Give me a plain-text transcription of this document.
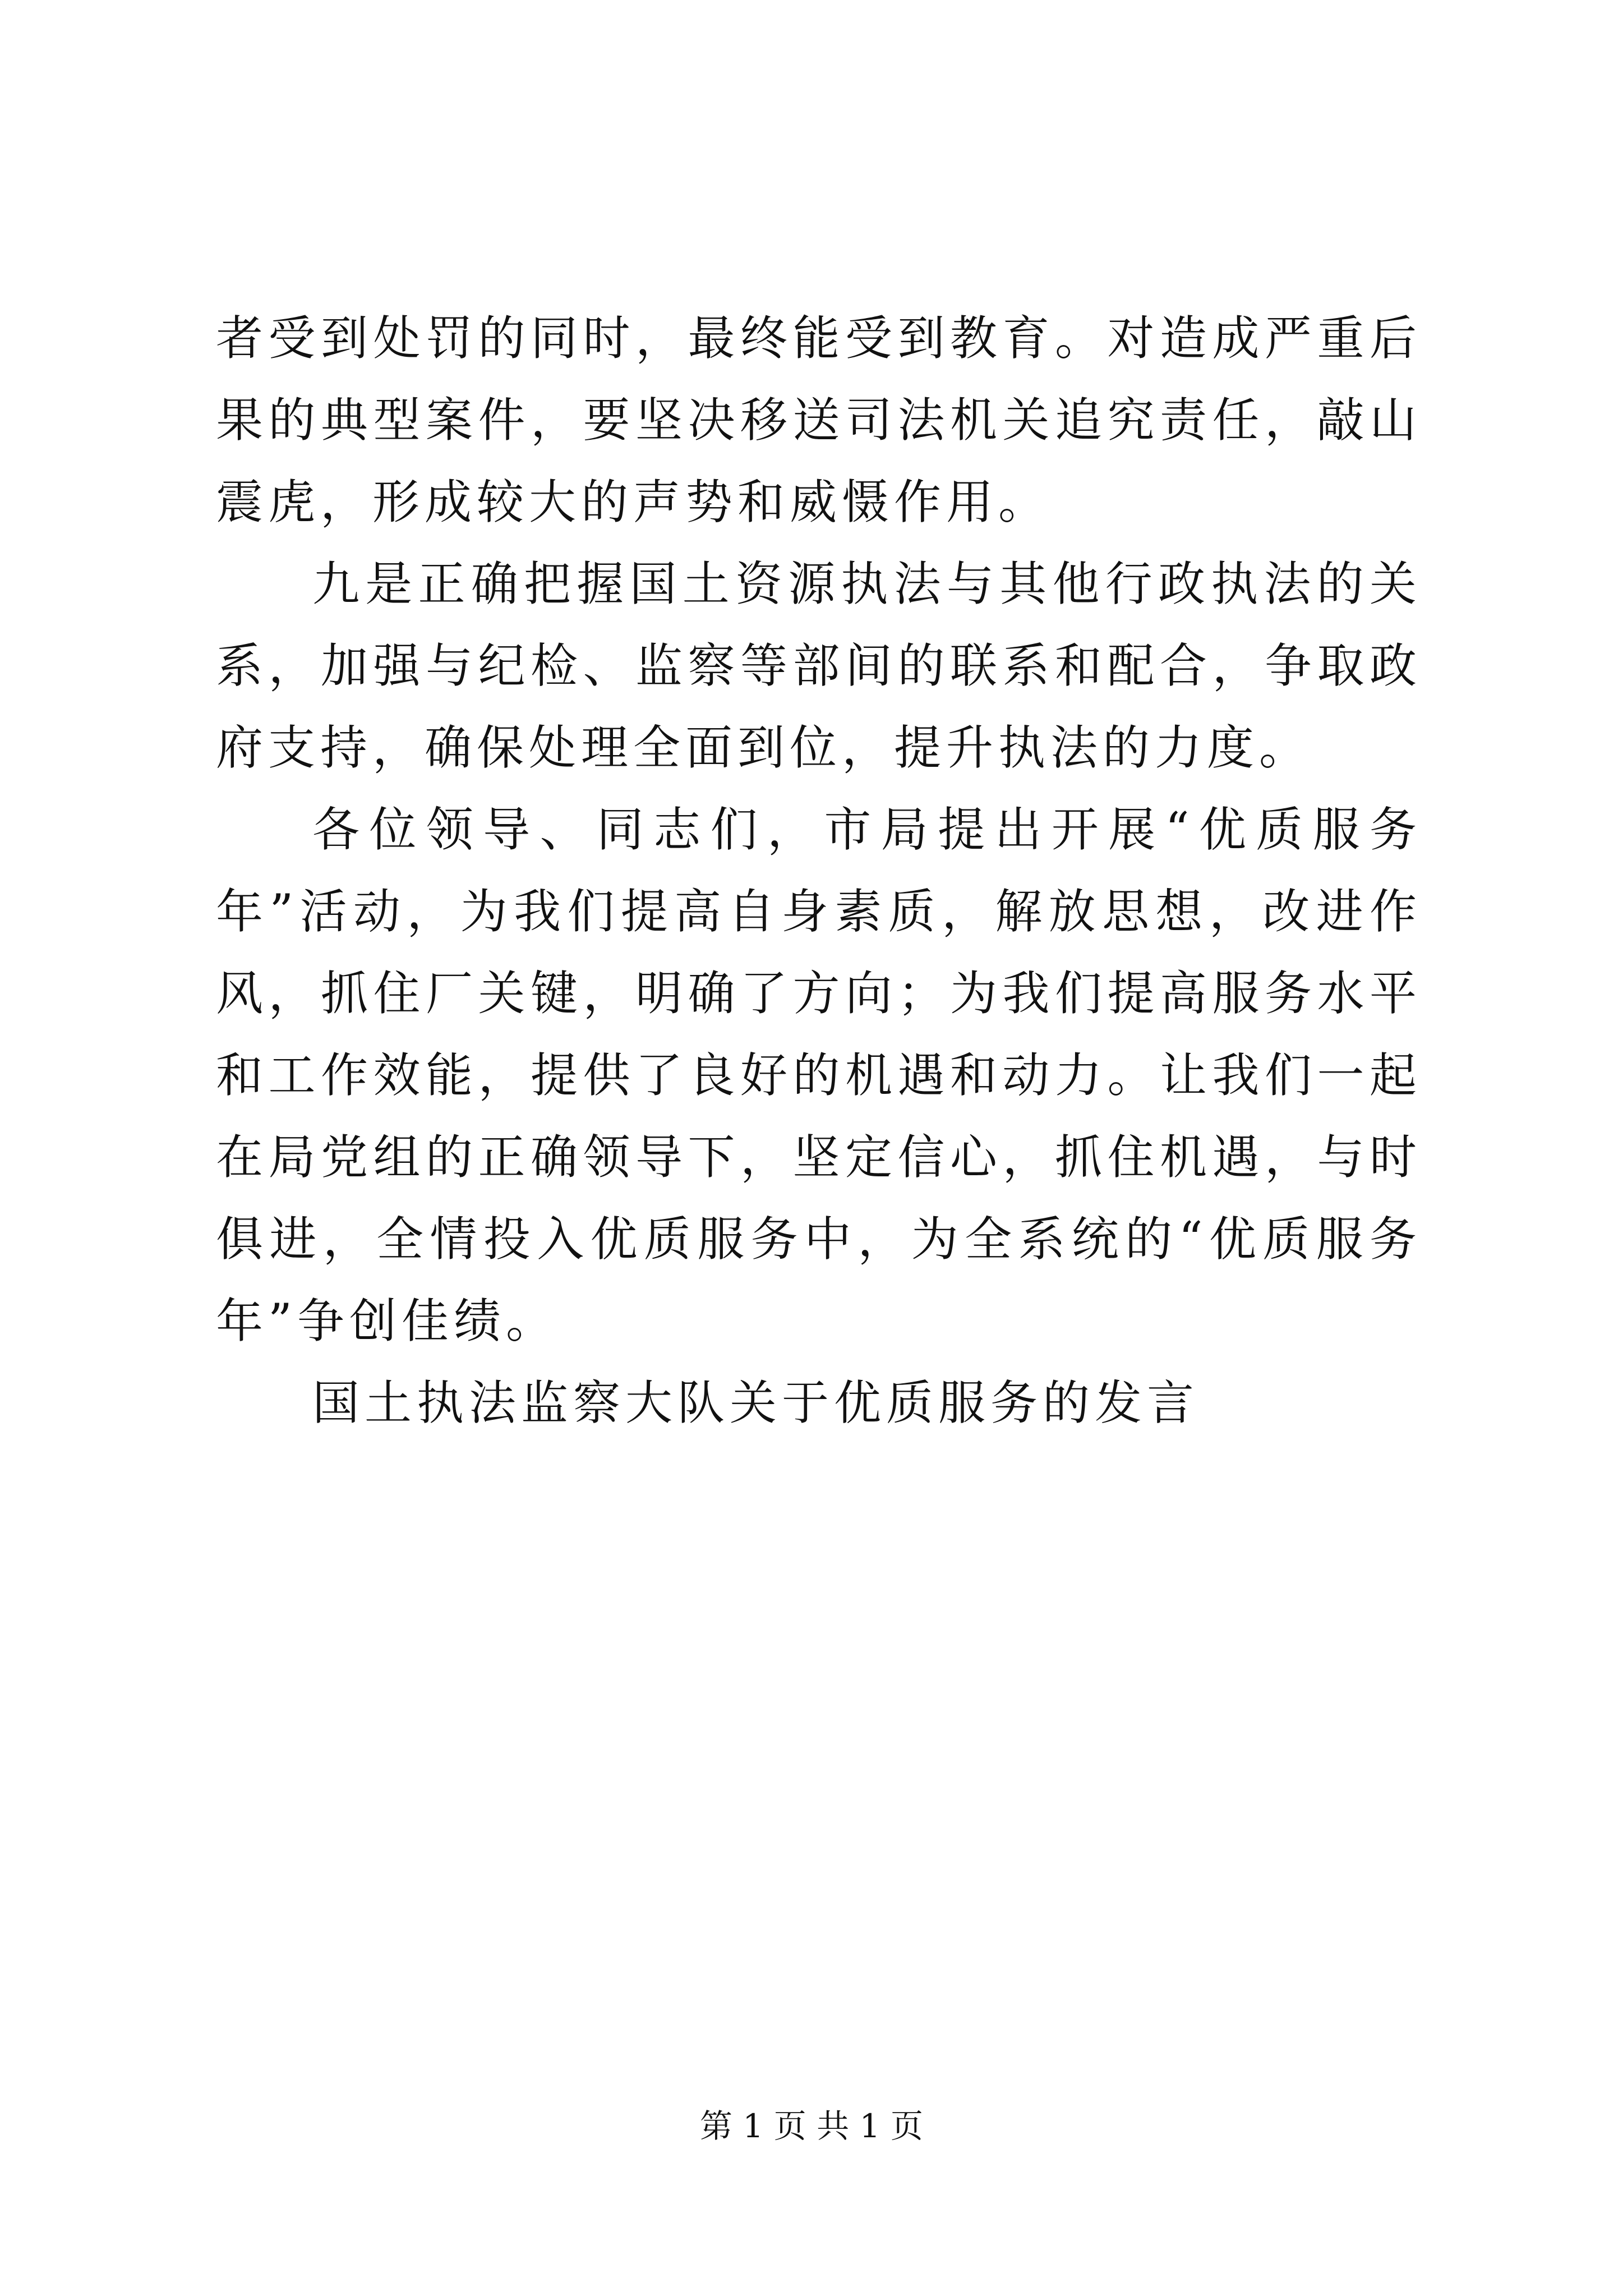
者受到处罚的同时，最终能受到教育。对造成严重后果的典型案件，要坚决移送司法机关追究责任，敲山震虎，形成较大的声势和威慑作用。

九是正确把握国土资源执法与其他行政执法的关系，加强与纪检、监察等部间的联系和配合，争取政府支持，确保处理全面到位，提升执法的力度。

各位领导、同志们，市局提出开展“优质服务年”活动，为我们提高自身素质，解放思想，改进作风，抓住厂关键，明确了方向；为我们提高服务水平和工作效能，提供了良好的机遇和动力。让我们一起在局党组的正确领导下，坚定信心，抓住机遇，与时俱进，全情投入优质服务中，为全系统的“优质服务年”争创佳绩。

国土执法监察大队关于优质服务的发言

第 1 页 共 1 页
